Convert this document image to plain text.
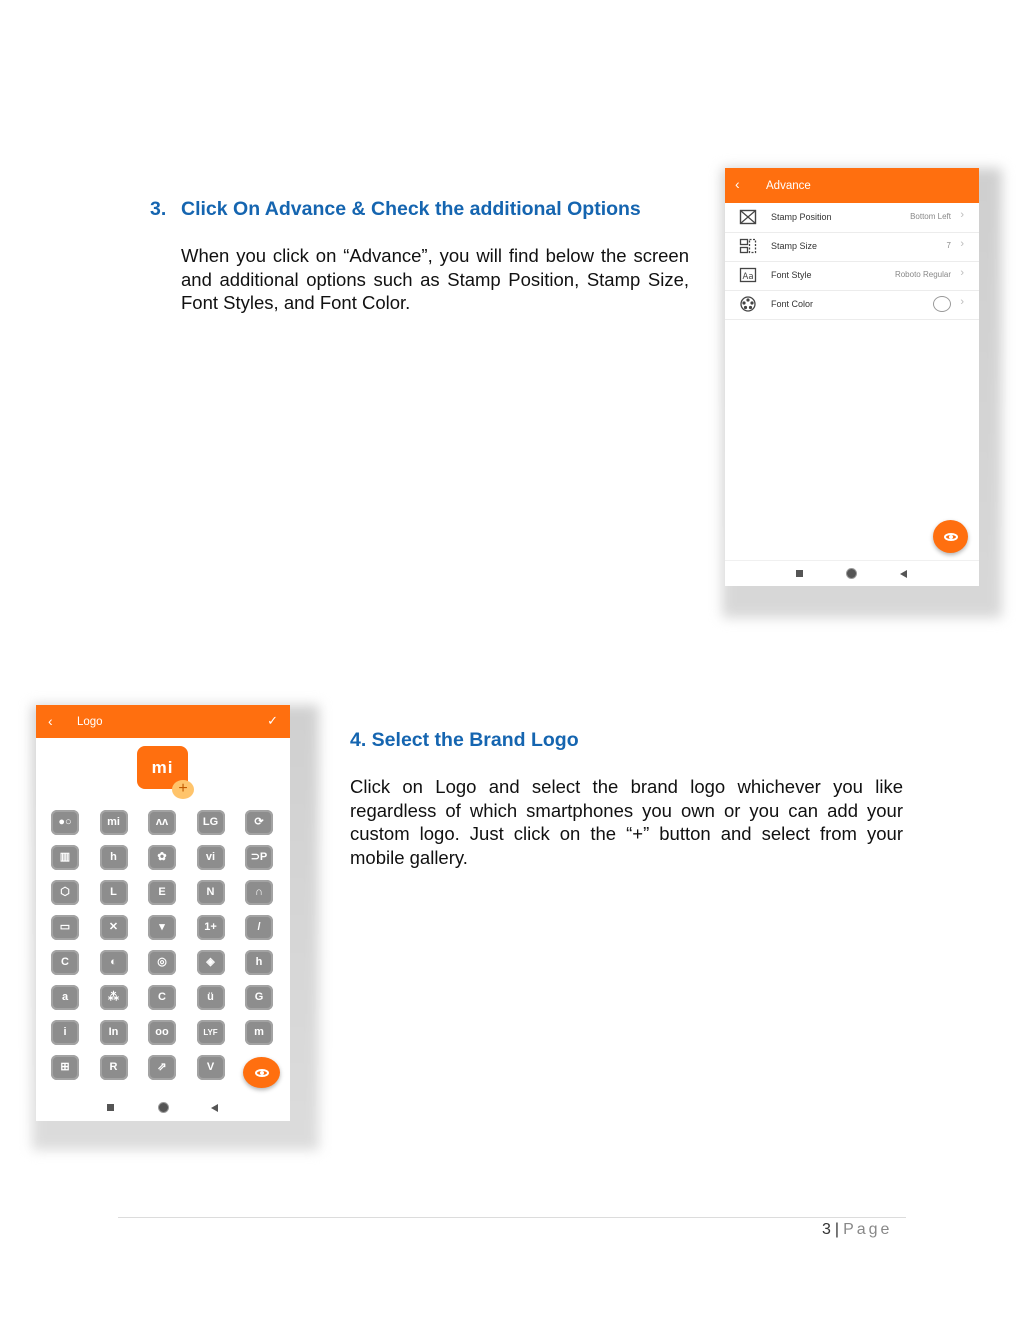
3. Click On Advance & Check the additional Options
When you click on “Advance”, you will find below the screen and additional options such as Stamp Position, Stamp Size, Font Styles, and Font Color.
‹ Advance
Stamp Position	Bottom Left ›
Stamp Size	7 ›
Aa Font Style	Roboto Regular ›
Font Color	›
‹ Logo	✓
mi
+
●○	mi	ʌʌ	LG	⟳
▥	h	✿	vi	⊃P
⬡	L	E	N	∩
▭	✕	▾	1+	/
C	◐	◎	◈	h
a	⁂	C	ü	G
i	In	oo	LYF	m
⊞	R	⇗	V
4. Select the Brand Logo
Click on Logo and select the brand logo whichever you like regardless of which smartphones you own or you can add your custom logo. Just click on the “+” button and select from your mobile gallery.
3 | Page
